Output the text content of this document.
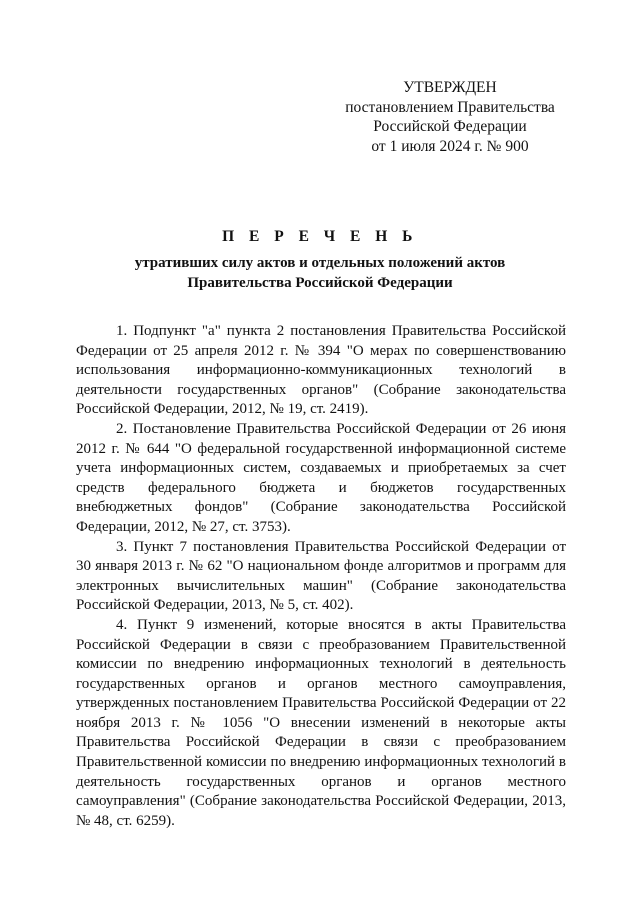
УТВЕРЖДЕН
постановлением Правительства
Российской Федерации
от 1 июля 2024 г. № 900
П Е Р Е Ч Е Н Ь
утративших силу актов и отдельных положений актов
Правительства Российской Федерации

1. Подпункт "а" пункта 2 постановления Правительства Российской Федерации от 25 апреля 2012 г. № 394 "О мерах по совершенствованию использования информационно-коммуникационных технологий в деятельности государственных органов" (Собрание законодательства Российской Федерации, 2012, № 19, ст. 2419).

2. Постановление Правительства Российской Федерации от 26 июня 2012 г. № 644 "О федеральной государственной информационной системе учета информационных систем, создаваемых и приобретаемых за счет средств федерального бюджета и бюджетов государственных внебюджетных фондов" (Собрание законодательства Российской Федерации, 2012, № 27, ст. 3753).

3. Пункт 7 постановления Правительства Российской Федерации от 30 января 2013 г. № 62 "О национальном фонде алгоритмов и программ для электронных вычислительных машин" (Собрание законодательства Российской Федерации, 2013, № 5, ст. 402).

4. Пункт 9 изменений, которые вносятся в акты Правительства Российской Федерации в связи с преобразованием Правительственной комиссии по внедрению информационных технологий в деятельность государственных органов и органов местного самоуправления, утвержденных постановлением Правительства Российской Федерации от 22 ноября 2013 г. № 1056 "О внесении изменений в некоторые акты Правительства Российской Федерации в связи с преобразованием Правительственной комиссии по внедрению информационных технологий в деятельность государственных органов и органов местного самоуправления" (Собрание законодательства Российской Федерации, 2013, № 48, ст. 6259).
